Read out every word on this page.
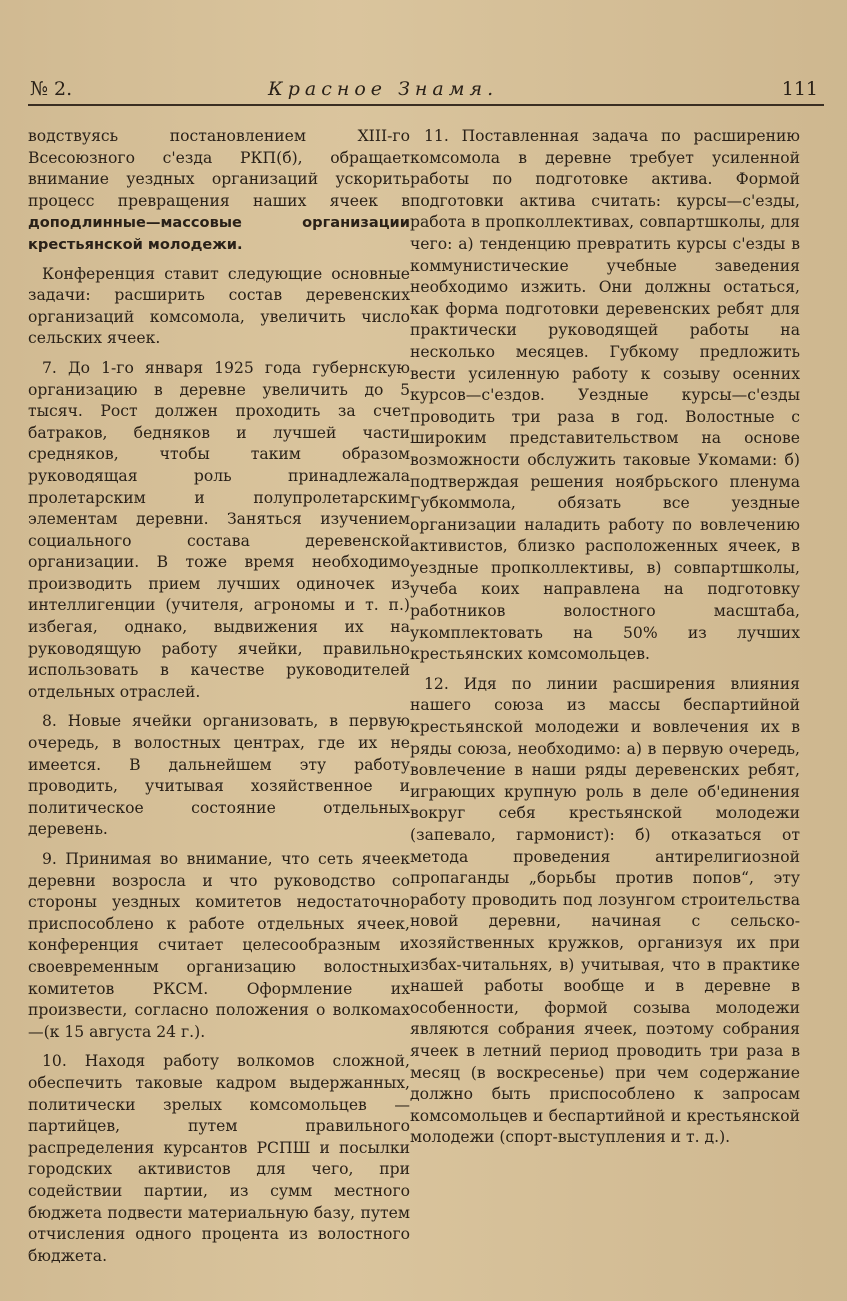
№ 2.	Красное Знамя.	111

водствуясь постановлением XIII-го Всесоюзного с'езда РКП(б), обращает внимание уездных организаций ускорить процесс превращения наших ячеек в доподлинные—массовые организации крестьянской молодежи.

Конференция ставит следующие основные задачи: расширить состав деревенских организаций комсомола, увеличить число сельских ячеек.

7. До 1-го января 1925 года губернскую организацию в деревне увеличить до 5 тысяч. Рост должен проходить за счет батраков, бедняков и лучшей части средняков, чтобы таким образом руководящая роль принадлежала пролетарским и полупролетарским элементам деревни. Заняться изучением социального состава деревенской организации. В тоже время необходимо производить прием лучших одиночек из интеллигенции (учителя, агрономы и т. п.) избегая, однако, выдвижения их на руководящую работу ячейки, правильно использовать в качестве руководителей отдельных отраслей.

8. Новые ячейки организовать, в первую очередь, в волостных центрах, где их не имеется. В дальнейшем эту работу проводить, учитывая хозяйственное и политическое состояние отдельных деревень.

9. Принимая во внимание, что сеть ячеек деревни возросла и что руководство со стороны уездных комитетов недостаточно приспособлено к работе отдельных ячеек, конференция считает целесообразным и своевременным организацию волостных комитетов РКСМ. Оформление их произвести, согласно положения о волкомах—(к 15 августа 24 г.).

10. Находя работу волкомов сложной, обеспечить таковые кадром выдержанных, политически зрелых комсомольцев — партийцев, путем правильного распределения курсантов РСПШ и посылки городских активистов для чего, при содействии партии, из сумм местного бюджета подвести материальную базу, путем отчисления одного процента из волостного бюджета.

11. Поставленная задача по расширению комсомола в деревне требует усиленной работы по подготовке актива. Формой подготовки актива считать: курсы—с'езды, работа в пропколлективах, совпартшколы, для чего: а) тенденцию превратить курсы с'езды в коммунистические учебные заведения необходимо изжить. Они должны остаться, как форма подготовки деревенских ребят для практически руководящей работы на несколько месяцев. Губкому предложить вести усиленную работу к созыву осенних курсов—с'ездов. Уездные курсы—с'езды проводить три раза в год. Волостные с широким представительством на основе возможности обслужить таковые Укомами: б) подтверждая решения ноябрьского пленума Губкоммола, обязать все уездные организации наладить работу по вовлечению активистов, близко расположенных ячеек, в уездные пропколлективы, в) совпартшколы, учеба коих направлена на подготовку работников волостного масштаба, укомплектовать на 50% из лучших крестьянских комсомольцев.

12. Идя по линии расширения влияния нашего союза из массы беспартийной крестьянской молодежи и вовлечения их в ряды союза, необходимо: а) в первую очередь, вовлечение в наши ряды деревенских ребят, играющих крупную роль в деле об'единения вокруг себя крестьянской молодежи (запевало, гармонист): б) отказаться от метода проведения антирелигиозной пропаганды „борьбы против попов“, эту работу проводить под лозунгом строительства новой деревни, начиная с сельско-хозяйственных кружков, организуя их при избах-читальнях, в) учитывая, что в практике нашей работы вообще и в деревне в особенности, формой созыва молодежи являются собрания ячеек, поэтому собрания ячеек в летний период проводить три раза в месяц (в воскресенье) при чем содержание должно быть приспособлено к запросам комсомольцев и беспартийной и крестьянской молодежи (спорт-выступления и т. д.).
